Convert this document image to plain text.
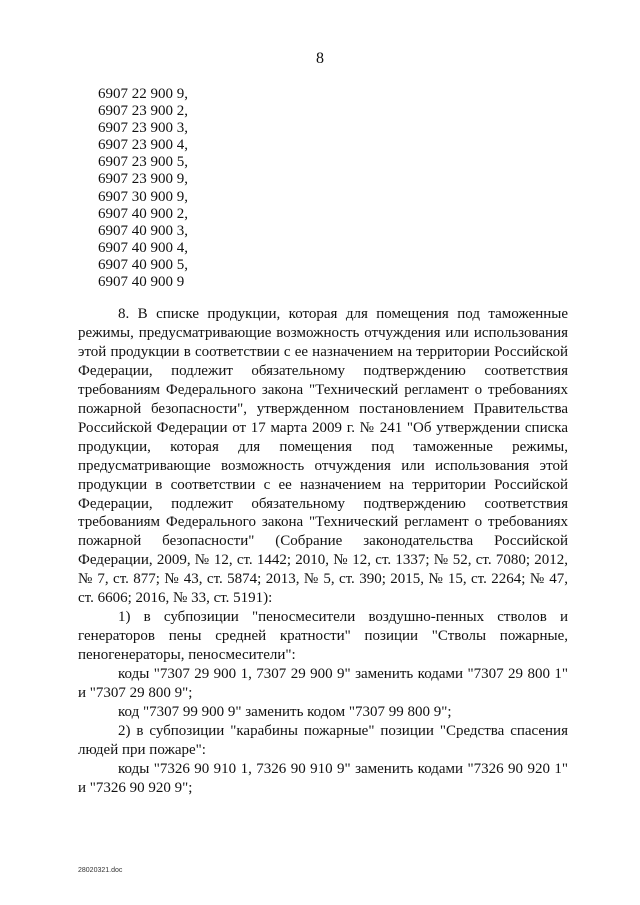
8
6907 22 900 9,
6907 23 900 2,
6907 23 900 3,
6907 23 900 4,
6907 23 900 5,
6907 23 900 9,
6907 30 900 9,
6907 40 900 2,
6907 40 900 3,
6907 40 900 4,
6907 40 900 5,
6907 40 900 9

8. В списке продукции, которая для помещения под таможенные режимы, предусматривающие возможность отчуждения или использования этой продукции в соответствии с ее назначением на территории Российской Федерации, подлежит обязательному подтверждению соответствия требованиям Федерального закона "Технический регламент о требованиях пожарной безопасности", утвержденном постановлением Правительства Российской Федерации от 17 марта 2009 г. № 241 "Об утверждении списка продукции, которая для помещения под таможенные режимы, предусматривающие возможность отчуждения или использования этой продукции в соответствии с ее назначением на территории Российской Федерации, подлежит обязательному подтверждению соответствия требованиям Федерального закона "Технический регламент о требованиях пожарной безопасности" (Собрание законодательства Российской Федерации, 2009, № 12, ст. 1442; 2010, № 12, ст. 1337; № 52, ст. 7080; 2012, № 7, ст. 877; № 43, ст. 5874; 2013, № 5, ст. 390; 2015, № 15, ст. 2264; № 47, ст. 6606; 2016, № 33, ст. 5191):

1) в субпозиции "пеносмесители воздушно-пенных стволов и генераторов пены средней кратности" позиции "Стволы пожарные, пеногенераторы, пеносмесители":

коды "7307 29 900 1, 7307 29 900 9" заменить кодами "7307 29 800 1" и "7307 29 800 9";

код "7307 99 900 9" заменить кодом "7307 99 800 9";

2) в субпозиции "карабины пожарные" позиции "Средства спасения людей при пожаре":

коды "7326 90 910 1, 7326 90 910 9" заменить кодами "7326 90 920 1" и "7326 90 920 9";

28020321.doc
